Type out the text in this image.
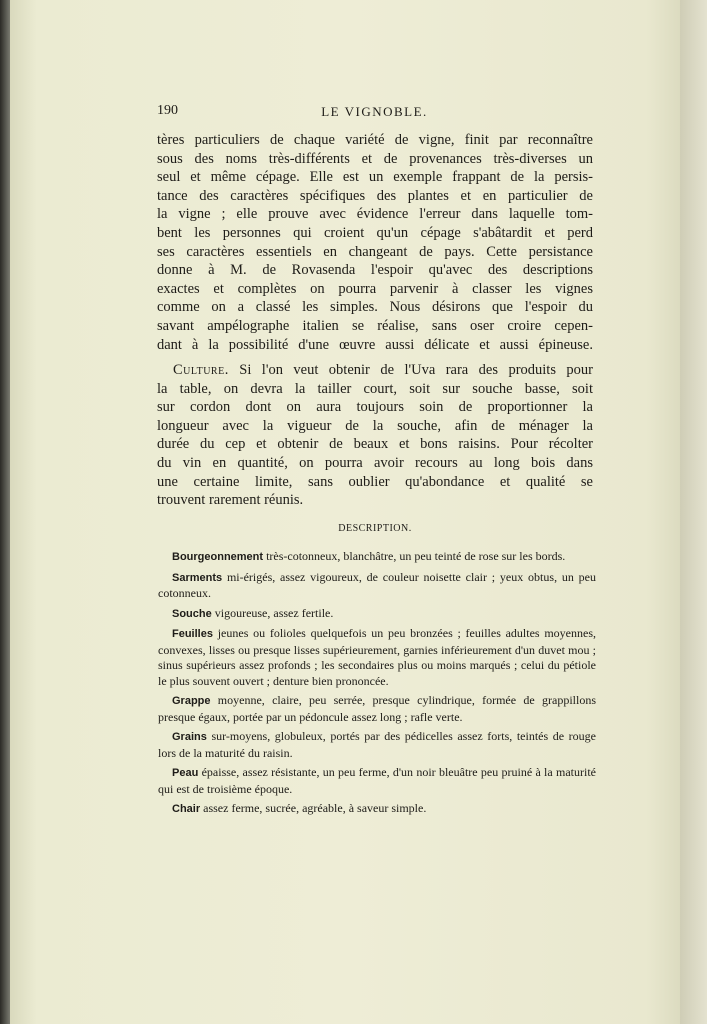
190	LE VIGNOBLE.
tères particuliers de chaque variété de vigne, finit par reconnaître
sous des noms très-différents et de provenances très-diverses un
seul et même cépage. Elle est un exemple frappant de la persis-
tance des caractères spécifiques des plantes et en particulier de
la vigne ; elle prouve avec évidence l'erreur dans laquelle tom-
bent les personnes qui croient qu'un cépage s'abâtardit et perd
ses caractères essentiels en changeant de pays. Cette persistance
donne à M. de Rovasenda l'espoir qu'avec des descriptions
exactes et complètes on pourra parvenir à classer les vignes
comme on a classé les simples. Nous désirons que l'espoir du
savant ampélographe italien se réalise, sans oser croire cepen-
dant à la possibilité d'une œuvre aussi délicate et aussi épineuse.
Culture. Si l'on veut obtenir de l'Uva rara des produits pour
la table, on devra la tailler court, soit sur souche basse, soit
sur cordon dont on aura toujours soin de proportionner la
longueur avec la vigueur de la souche, afin de ménager la
durée du cep et obtenir de beaux et bons raisins. Pour récolter
du vin en quantité, on pourra avoir recours au long bois dans
une certaine limite, sans oublier qu'abondance et qualité se
trouvent rarement réunis.
DESCRIPTION.

Bourgeonnement très-cotonneux, blanchâtre, un peu teinté de rose sur les bords.

Sarments mi-érigés, assez vigoureux, de couleur noisette clair ; yeux obtus, un peu cotonneux.

Souche vigoureuse, assez fertile.

Feuilles jeunes ou folioles quelquefois un peu bronzées ; feuilles adultes moyennes, convexes, lisses ou presque lisses supérieurement, garnies inférieurement d'un duvet mou ; sinus supérieurs assez profonds ; les secondaires plus ou moins marqués ; celui du pétiole le plus souvent ouvert ; denture bien prononcée.

Grappe moyenne, claire, peu serrée, presque cylindrique, formée de grappillons presque égaux, portée par un pédoncule assez long ; rafle verte.

Grains sur-moyens, globuleux, portés par des pédicelles assez forts, teintés de rouge lors de la maturité du raisin.

Peau épaisse, assez résistante, un peu ferme, d'un noir bleuâtre peu pruiné à la maturité qui est de troisième époque.

Chair assez ferme, sucrée, agréable, à saveur simple.
